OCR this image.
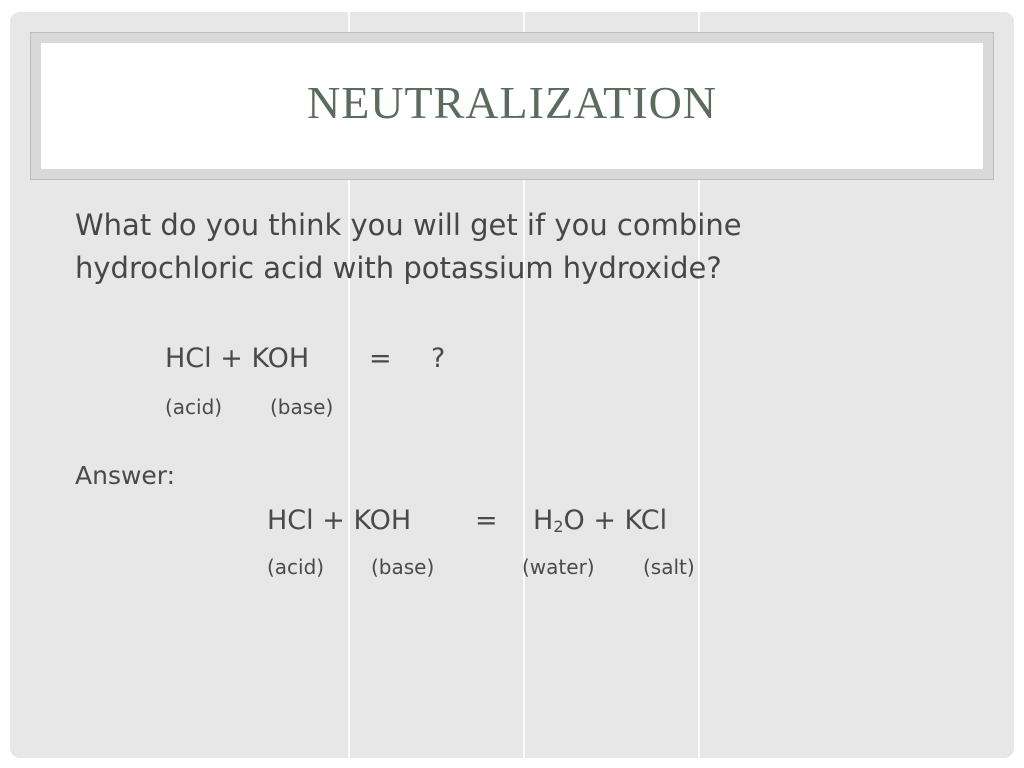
NEUTRALIZATION
What do you think you will get if you combine
hydrochloric acid with potassium hydroxide?
HCl + KOH = ?
(acid) (base)
Answer:
HCl + KOH = $H_2O$ + KCl
(acid) (base)	(water) (salt)
